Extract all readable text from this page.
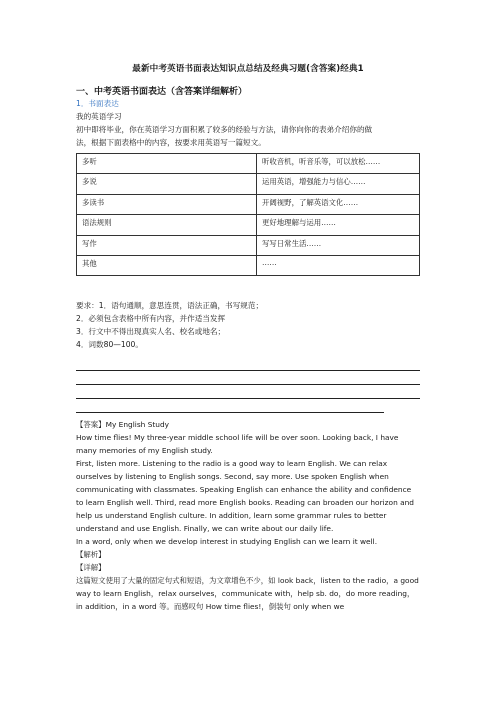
最新中考英语书面表达知识点总结及经典习题(含答案)经典1
一、中考英语书面表达（含答案详细解析）
1．书面表达
我的英语学习
初中即将毕业，你在英语学习方面积累了较多的经验与方法，请你向你的表弟介绍你的做
法，根据下面表格中的内容，按要求用英语写一篇短文。
多听	听收音机，听音乐等，可以放松……
多说	运用英语，增强能力与信心……
多读书	开阔视野，了解英语文化……
语法规则	更好地理解与运用……
写作	写写日常生活……
其他	……
要求：1．语句通顺，意思连贯，语法正确，书写规范；
2．必须包含表格中所有内容，并作适当发挥
3．行文中不得出现真实人名、校名或地名；
4．词数80—100。

【答案】My English Study

How time flies! My three-year middle school life will be over soon. Looking back, I have many memories of my English study.

First, listen more. Listening to the radio is a good way to learn English. We can relax ourselves by listening to English songs. Second, say more. Use spoken English when communicating with classmates. Speaking English can enhance the ability and confidence to learn English well. Third, read more English books. Reading can broaden our horizon and help us understand English culture. In addition, learn some grammar rules to better understand and use English. Finally, we can write about our daily life.

In a word, only when we develop interest in studying English can we learn it well.

【解析】

【详解】

这篇短文使用了大量的固定句式和短语，为文章增色不少，如 look back，listen to the radio，a good way to learn English，relax ourselves，communicate with，help sb. do，do more reading，in addition，in a word 等。而感叹句 How time flies!，倒装句 only when we
